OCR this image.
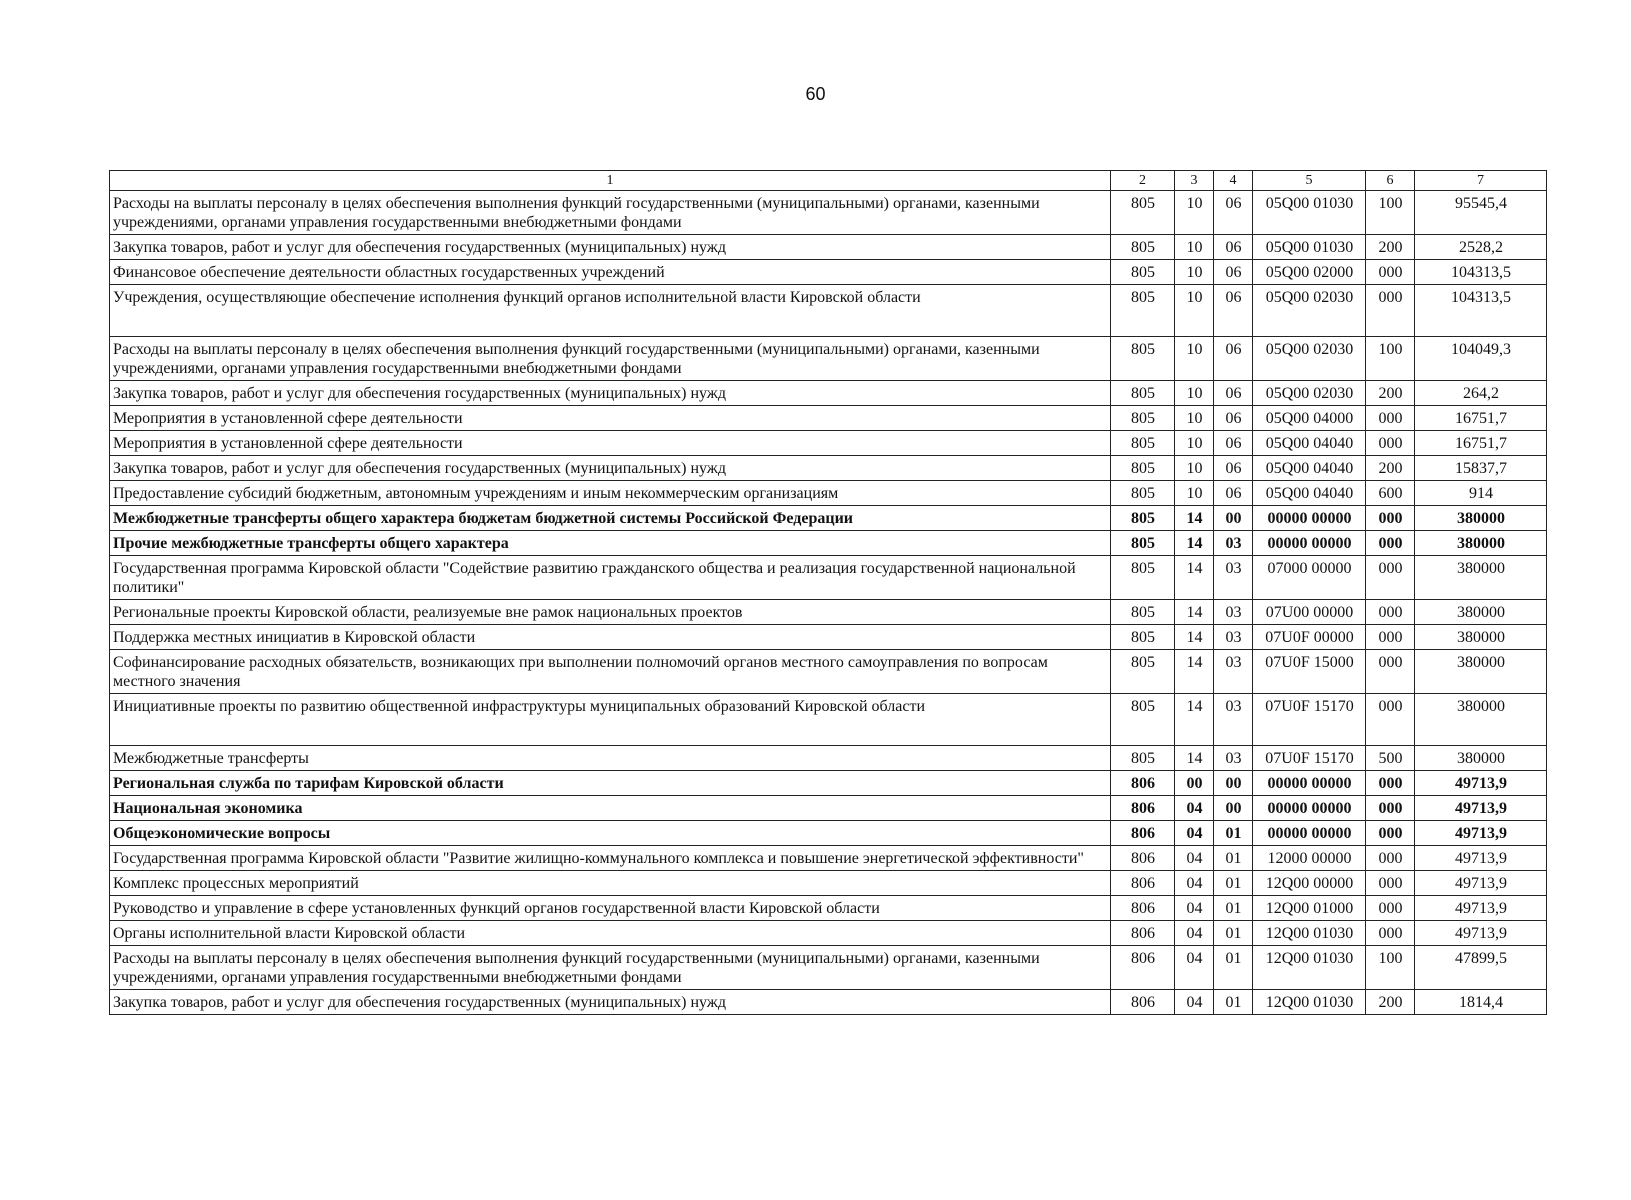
60
1	2	3	4	5	6	7
Расходы на выплаты персоналу в целях обеспечения выполнения функций государственными (муниципальными) органами, казенными учреждениями, органами управления государственными внебюджетными фондами	805	10	06	05Q00 01030	100	95545,4
Закупка товаров, работ и услуг для обеспечения государственных (муниципальных) нужд	805	10	06	05Q00 01030	200	2528,2
Финансовое обеспечение деятельности областных государственных учреждений	805	10	06	05Q00 02000	000	104313,5
Учреждения, осуществляющие обеспечение исполнения функций органов исполнительной власти Кировской области	805	10	06	05Q00 02030	000	104313,5
Расходы на выплаты персоналу в целях обеспечения выполнения функций государственными (муниципальными) органами, казенными учреждениями, органами управления государственными внебюджетными фондами	805	10	06	05Q00 02030	100	104049,3
Закупка товаров, работ и услуг для обеспечения государственных (муниципальных) нужд	805	10	06	05Q00 02030	200	264,2
Мероприятия в установленной сфере деятельности	805	10	06	05Q00 04000	000	16751,7
Мероприятия в установленной сфере деятельности	805	10	06	05Q00 04040	000	16751,7
Закупка товаров, работ и услуг для обеспечения государственных (муниципальных) нужд	805	10	06	05Q00 04040	200	15837,7
Предоставление субсидий бюджетным, автономным учреждениям и иным некоммерческим организациям	805	10	06	05Q00 04040	600	914
Межбюджетные трансферты общего характера бюджетам бюджетной системы Российской Федерации	805	14	00	00000 00000	000	380000
Прочие межбюджетные трансферты общего характера	805	14	03	00000 00000	000	380000
Государственная программа Кировской области "Содействие развитию гражданского общества и реализация государственной национальной политики"	805	14	03	07000 00000	000	380000
Региональные проекты Кировской области, реализуемые вне рамок национальных проектов	805	14	03	07U00 00000	000	380000
Поддержка местных инициатив в Кировской области	805	14	03	07U0F 00000	000	380000
Софинансирование расходных обязательств, возникающих при выполнении полномочий органов местного самоуправления по вопросам местного значения	805	14	03	07U0F 15000	000	380000
Инициативные проекты по развитию общественной инфраструктуры муниципальных образований Кировской области	805	14	03	07U0F 15170	000	380000
Межбюджетные трансферты	805	14	03	07U0F 15170	500	380000
Региональная служба по тарифам Кировской области	806	00	00	00000 00000	000	49713,9
Национальная экономика	806	04	00	00000 00000	000	49713,9
Общеэкономические вопросы	806	04	01	00000 00000	000	49713,9
Государственная программа Кировской области "Развитие жилищно-коммунального комплекса и повышение энергетической эффективности"	806	04	01	12000 00000	000	49713,9
Комплекс процессных мероприятий	806	04	01	12Q00 00000	000	49713,9
Руководство и управление в сфере установленных функций органов государственной власти Кировской области	806	04	01	12Q00 01000	000	49713,9
Органы исполнительной власти Кировской области	806	04	01	12Q00 01030	000	49713,9
Расходы на выплаты персоналу в целях обеспечения выполнения функций государственными (муниципальными) органами, казенными учреждениями, органами управления государственными внебюджетными фондами	806	04	01	12Q00 01030	100	47899,5
Закупка товаров, работ и услуг для обеспечения государственных (муниципальных) нужд	806	04	01	12Q00 01030	200	1814,4
